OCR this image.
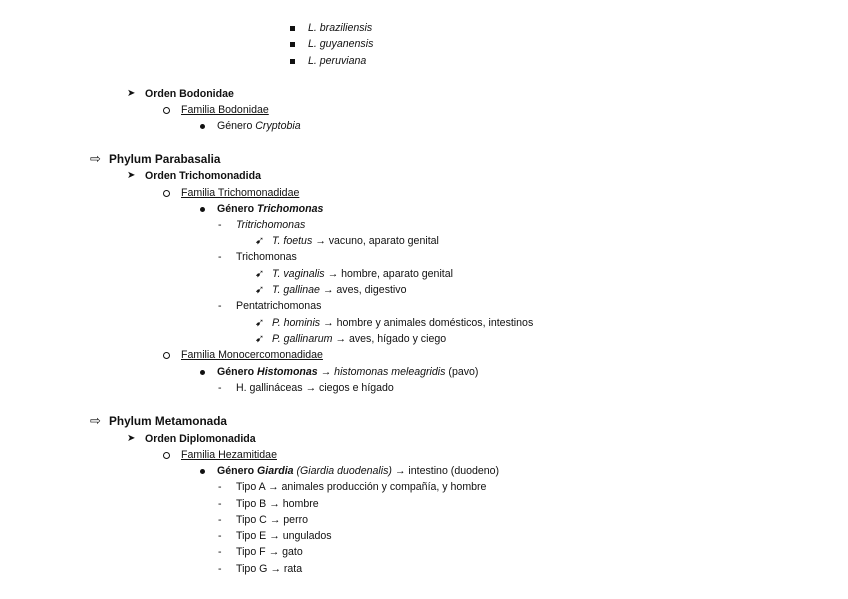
L. braziliensis
L. guyanensis
L. peruviana
➤ Orden Bodonidae
Familia Bodonidae
Género Cryptobia
⇨ Phylum Parabasalia
➤ Orden Trichomonadida
Familia Trichomonadidae
Género Trichomonas
- Tritrichomonas
➹ T. foetus → vacuno, aparato genital
- Trichomonas
➹ T. vaginalis → hombre, aparato genital
➹ T. gallinae → aves, digestivo
- Pentatrichomonas
➹ P. hominis → hombre y animales domésticos, intestinos
➹ P. gallinarum → aves, hígado y ciego
Familia Monocercomonadidae
Género Histomonas → histomonas meleagridis (pavo)
- H. gallináceas → ciegos e hígado
⇨ Phylum Metamonada
➤ Orden Diplomonadida
Familia Hezamitidae
Género Giardia (Giardia duodenalis) → intestino (duodeno)
- Tipo A → animales producción y compañía, y hombre
- Tipo B → hombre
- Tipo C → perro
- Tipo E → ungulados
- Tipo F → gato
- Tipo G → rata
